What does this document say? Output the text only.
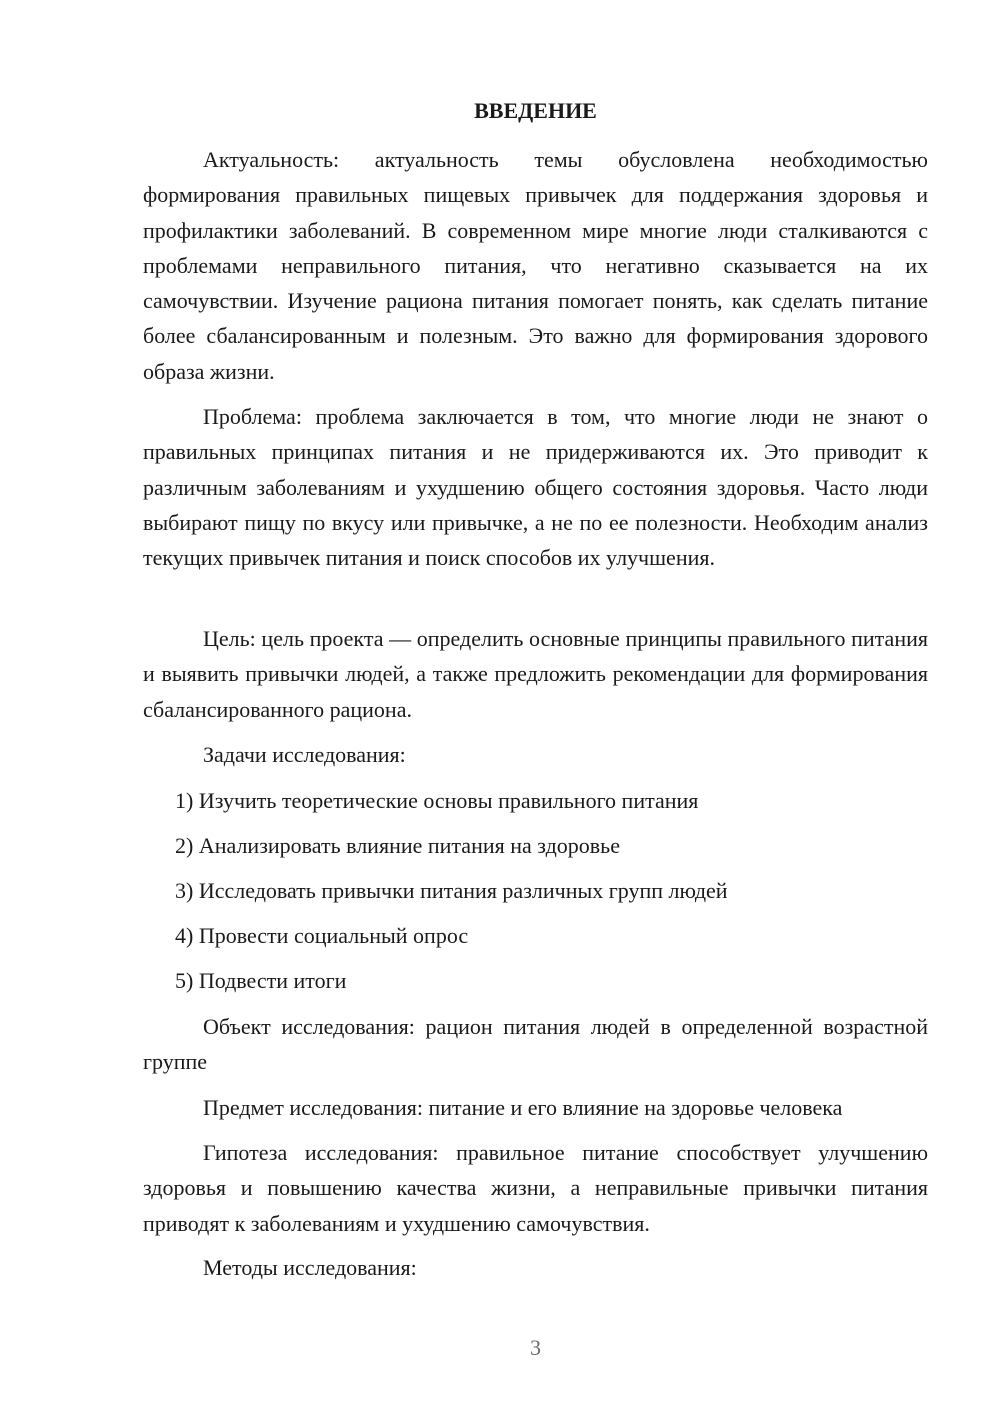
ВВЕДЕНИЕ

Актуальность: актуальность темы обусловлена необходимостью формирования правильных пищевых привычек для поддержания здоровья и профилактики заболеваний. В современном мире многие люди сталкиваются с проблемами неправильного питания, что негативно сказывается на их самочувствии. Изучение рациона питания помогает понять, как сделать питание более сбалансированным и полезным. Это важно для формирования здорового образа жизни.

Проблема: проблема заключается в том, что многие люди не знают о правильных принципах питания и не придерживаются их. Это приводит к различным заболеваниям и ухудшению общего состояния здоровья. Часто люди выбирают пищу по вкусу или привычке, а не по ее полезности. Необходим анализ текущих привычек питания и поиск способов их улучшения.

Цель: цель проекта — определить основные принципы правильного питания и выявить привычки людей, а также предложить рекомендации для формирования сбалансированного рациона.

Задачи исследования:

1) Изучить теоретические основы правильного питания

2) Анализировать влияние питания на здоровье

3) Исследовать привычки питания различных групп людей

4) Провести социальный опрос

5) Подвести итоги

Объект исследования: рацион питания людей в определенной возрастной группе

Предмет исследования: питание и его влияние на здоровье человека

Гипотеза исследования: правильное питание способствует улучшению здоровья и повышению качества жизни, а неправильные привычки питания приводят к заболеваниям и ухудшению самочувствия.

Методы исследования:

3
